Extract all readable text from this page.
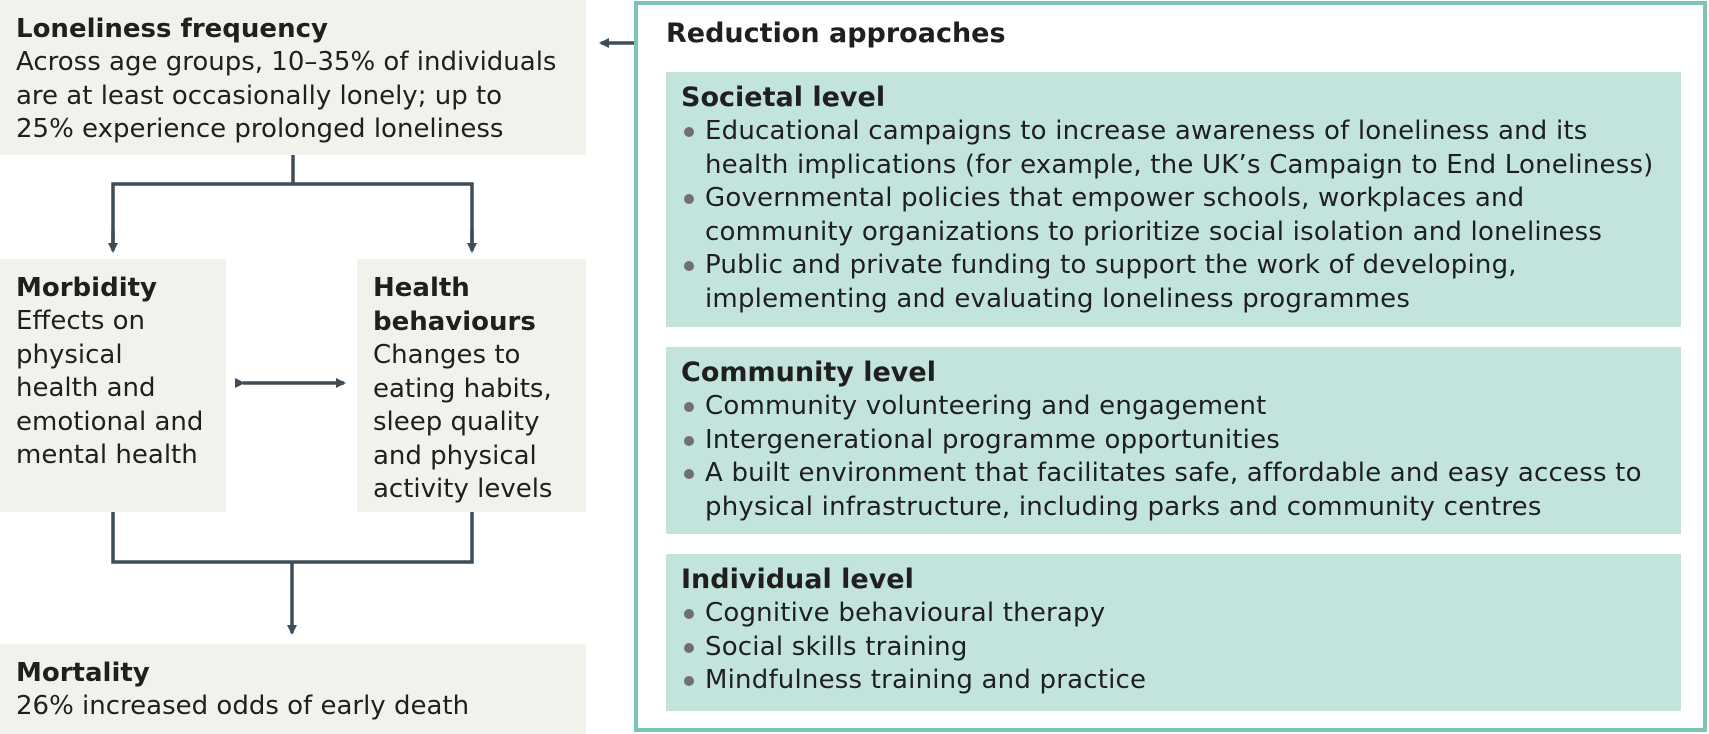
Loneliness frequency
Across age groups, 10–35% of individuals
are at least occasionally lonely; up to
25% experience prolonged loneliness
Morbidity
Effects on
physical
health and
emotional and
mental health
Health
behaviours
Changes to
eating habits,
sleep quality
and physical
activity levels
Mortality
26% increased odds of early death
Reduction approaches
Societal level
Educational campaigns to increase awareness of loneliness and its
health implications (for example, the UK’s Campaign to End Loneliness)
Governmental policies that empower schools, workplaces and
community organizations to prioritize social isolation and loneliness
Public and private funding to support the work of developing,
implementing and evaluating loneliness programmes
Community level
Community volunteering and engagement
Intergenerational programme opportunities
A built environment that facilitates safe, affordable and easy access to
physical infrastructure, including parks and community centres
Individual level
Cognitive behavioural therapy
Social skills training
Mindfulness training and practice
